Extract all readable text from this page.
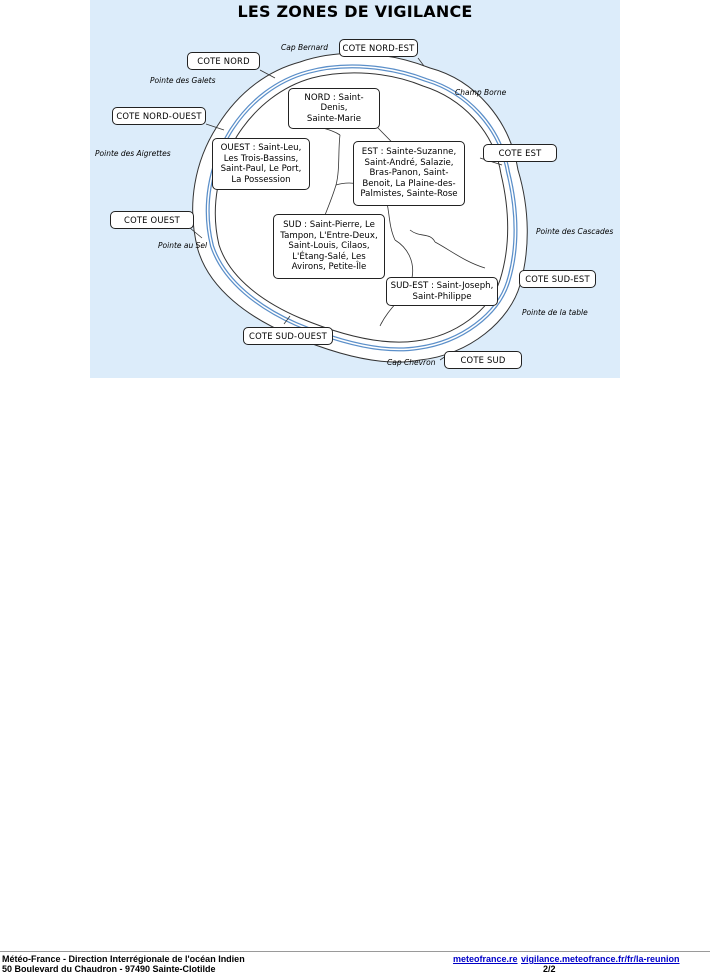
LES ZONES DE VIGILANCE
NORD : Saint-Denis,
Sainte-Marie
OUEST : Saint-Leu,
Les Trois-Bassins,
Saint-Paul, Le Port,
La Possession
EST : Sainte-Suzanne,
Saint-André, Salazie,
Bras-Panon, Saint-
Benoit, La Plaine-des-
Palmistes, Sainte-Rose
SUD : Saint-Pierre, Le
Tampon, L'Entre-Deux,
Saint-Louis, Cilaos,
L'Étang-Salé, Les
Avirons, Petite-Île
SUD-EST : Saint-Joseph,
Saint-Philippe
COTE NORD
COTE NORD-EST
COTE NORD-OUEST
COTE EST
COTE OUEST
COTE SUD-EST
COTE SUD-OUEST
COTE SUD
Cap Bernard
Pointe des Galets
Champ Borne
Pointe des Aigrettes
Pointe des Cascades
Pointe au Sel
Pointe de la table
Cap Chevron
Météo-France - Direction Interrégionale de l'océan Indien
50 Boulevard du Chaudron - 97490 Sainte-Clotilde
meteofrance.re vigilance.meteofrance.fr/fr/la-reunion
2/2
